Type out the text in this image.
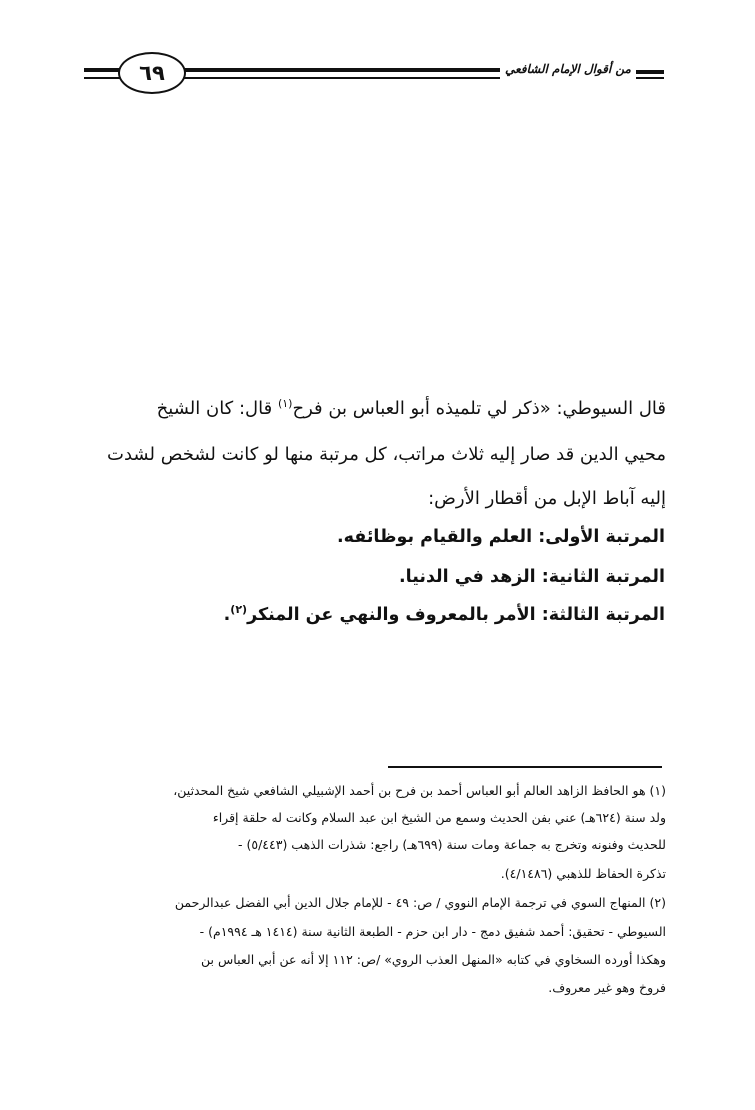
٦٩	من أقوال الإمام الشافعي
قال السيوطي: «ذكر لي تلميذه أبو العباس بن فرح$^{(١)}$ قال: كان الشيخ
محيي الدين قد صار إليه ثلاث مراتب، كل مرتبة منها لو كانت لشخص لشدت
إليه آباط الإبل من أقطار الأرض:
المرتبة الأولى: العلم والقيام بوظائفه.
المرتبة الثانية: الزهد في الدنيا.
المرتبة الثالثة: الأمر بالمعروف والنهي عن المنكر$^{(٢)}$.
(١) هو الحافظ الزاهد العالم أبو العباس أحمد بن فرح بن أحمد الإشبيلي الشافعي شيخ المحدثين،
ولد سنة (٦٢٤هـ) عني بفن الحديث وسمع من الشيخ ابن عبد السلام وكانت له حلقة إقراء
للحديث وفنونه وتخرج به جماعة ومات سنة (٦٩٩هـ) راجع: شذرات الذهب (٥/٤٤٣) -
تذكرة الحفاظ للذهبي (٤/١٤٨٦).
(٢) المنهاج السوي في ترجمة الإمام النووي / ص: ٤٩ - للإمام جلال الدين أبي الفضل عبدالرحمن
السيوطي - تحقيق: أحمد شفيق دمج - دار ابن حزم - الطبعة الثانية سنة (١٤١٤ هـ ١٩٩٤م) -
وهكذا أورده السخاوي في كتابه «المنهل العذب الروي» /ص: ١١٢ إلا أنه عن أبي العباس بن
فروخ وهو غير معروف.
